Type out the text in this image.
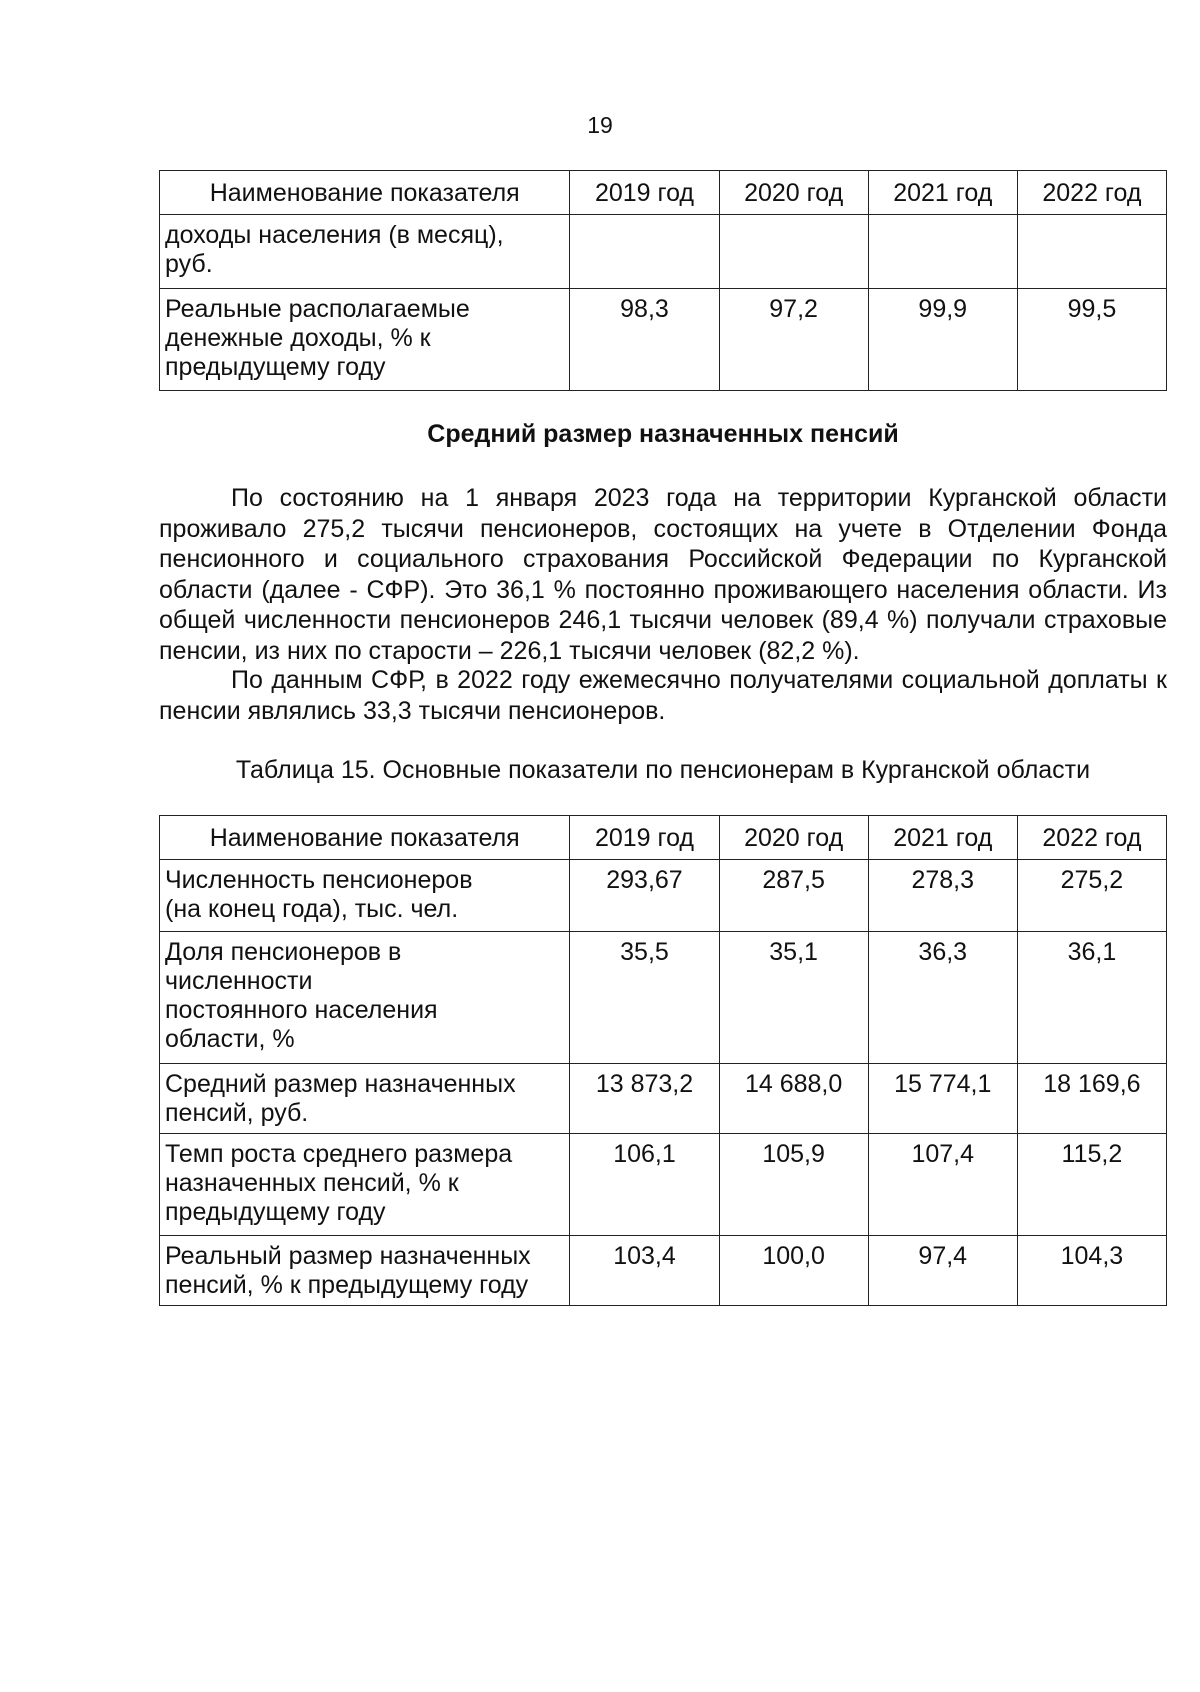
19
Наименование показателя	2019 год	2020 год	2021 год	2022 год
доходы населения (в месяц), руб.				
Реальные располагаемые денежные доходы, % к предыдущему году	98,3	97,2	99,9	99,5
Средний размер назначенных пенсий

По состоянию на 1 января 2023 года на территории Курганской области проживало 275,2 тысячи пенсионеров, состоящих на учете в Отделении Фонда пенсионного и социального страхования Российской Федерации по Курганской области (далее - СФР). Это 36,1 % постоянно проживающего населения области. Из общей численности пенсионеров 246,1 тысячи человек (89,4 %) получали страховые пенсии, из них по старости – 226,1 тысячи человек (82,2 %).

По данным СФР, в 2022 году ежемесячно получателями социальной доплаты к пенсии являлись 33,3 тысячи пенсионеров.

Таблица 15. Основные показатели по пенсионерам в Курганской области
Наименование показателя	2019 год	2020 год	2021 год	2022 год
Численность пенсионеров (на конец года), тыс. чел.	293,67	287,5	278,3	275,2
Доля пенсионеров в численности постоянного населения области, %	35,5	35,1	36,3	36,1
Средний размер назначенных пенсий, руб.	13 873,2	14 688,0	15 774,1	18 169,6
Темп роста среднего размера назначенных пенсий, % к предыдущему году	106,1	105,9	107,4	115,2
Реальный размер назначенных пенсий, % к предыдущему году	103,4	100,0	97,4	104,3
